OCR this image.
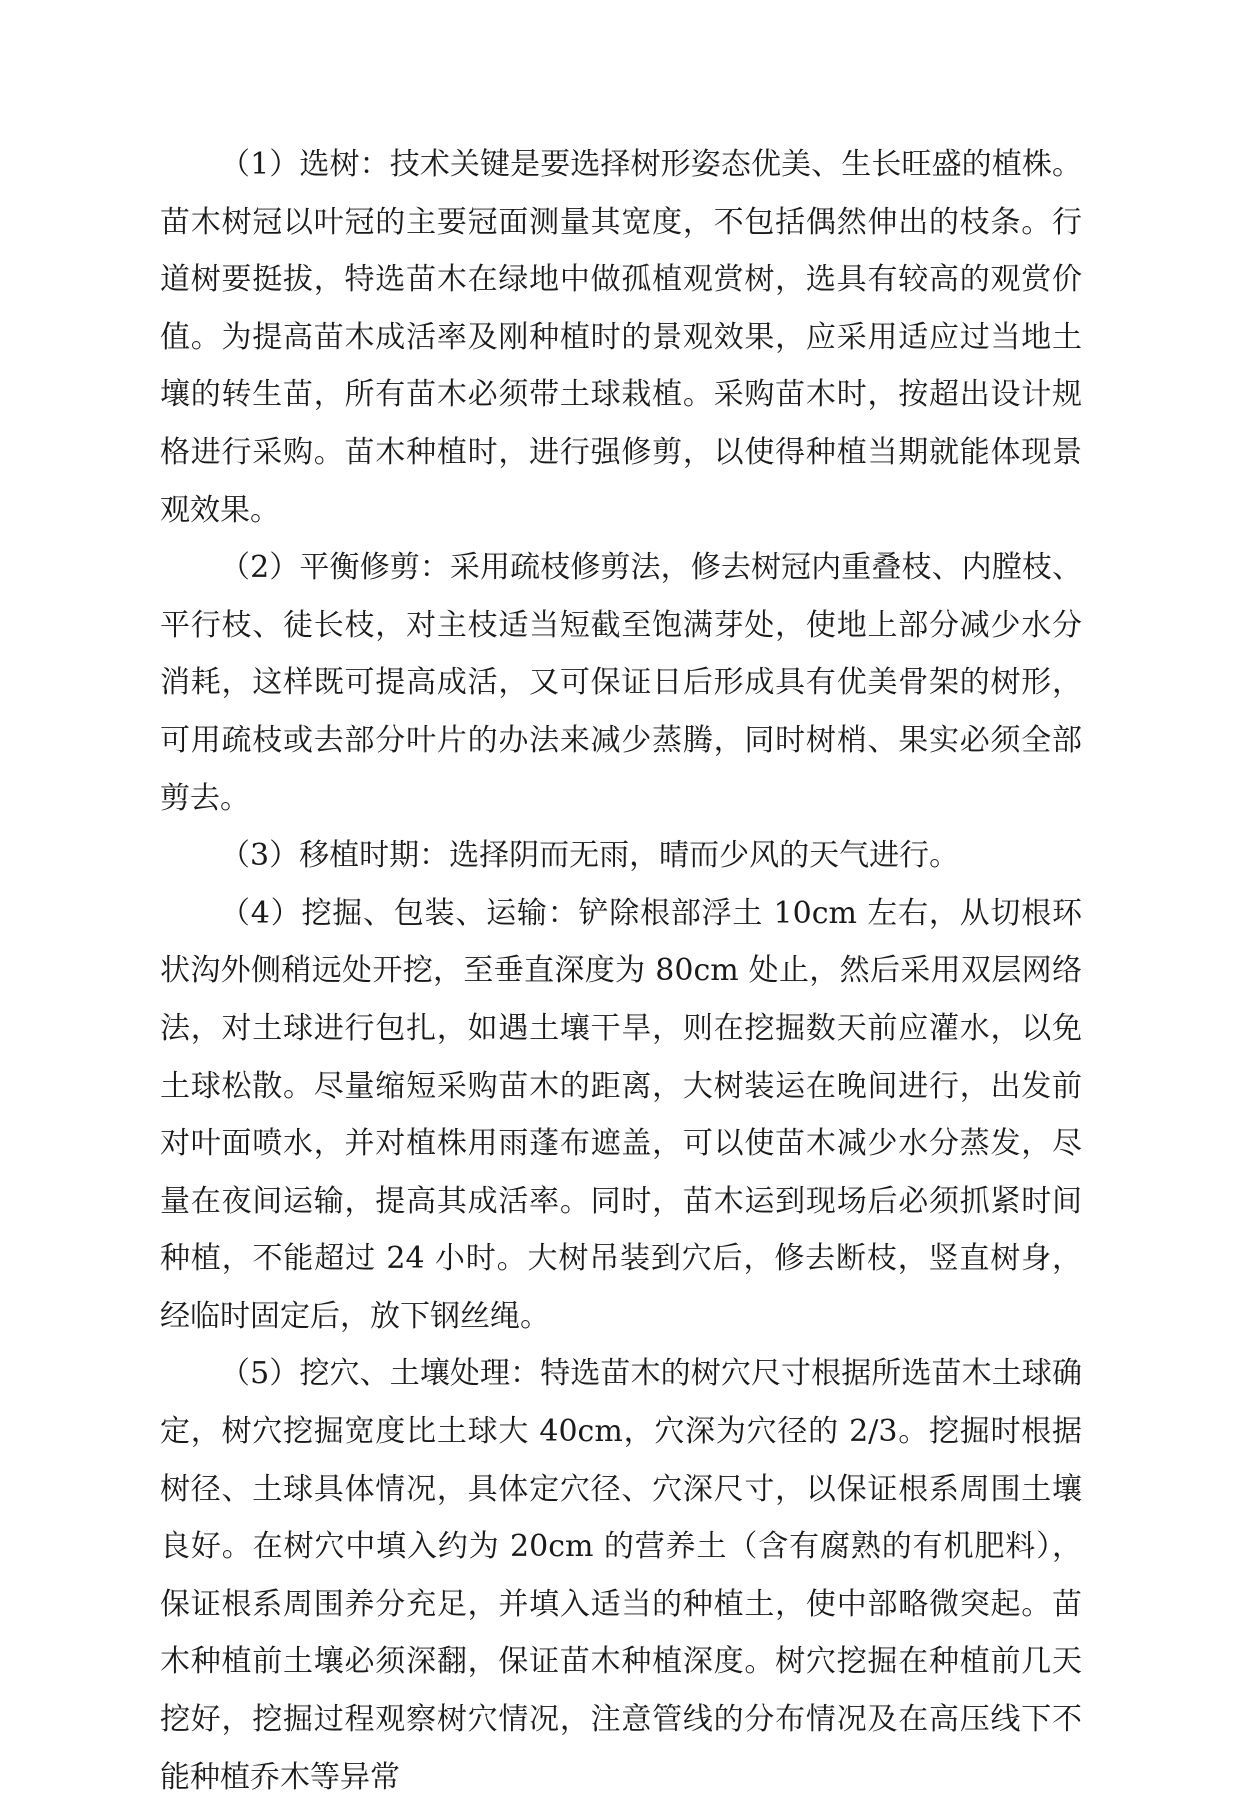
（1）选树：技术关键是要选择树形姿态优美、生长旺盛的植株。苗木树冠以叶冠的主要冠面测量其宽度，不包括偶然伸出的枝条。行道树要挺拔，特选苗木在绿地中做孤植观赏树，选具有较高的观赏价值。为提高苗木成活率及刚种植时的景观效果，应采用适应过当地土壤的转生苗，所有苗木必须带土球栽植。采购苗木时，按超出设计规格进行采购。苗木种植时，进行强修剪，以使得种植当期就能体现景观效果。

（2）平衡修剪：采用疏枝修剪法，修去树冠内重叠枝、内膛枝、平行枝、徒长枝，对主枝适当短截至饱满芽处，使地上部分减少水分消耗，这样既可提高成活，又可保证日后形成具有优美骨架的树形，可用疏枝或去部分叶片的办法来减少蒸腾，同时树梢、果实必须全部剪去。

（3）移植时期：选择阴而无雨，晴而少风的天气进行。

（4）挖掘、包装、运输：铲除根部浮土 10cm 左右，从切根环状沟外侧稍远处开挖，至垂直深度为 80cm 处止，然后采用双层网络法，对土球进行包扎，如遇土壤干旱，则在挖掘数天前应灌水，以免土球松散。尽量缩短采购苗木的距离，大树装运在晚间进行，出发前对叶面喷水，并对植株用雨蓬布遮盖，可以使苗木减少水分蒸发，尽量在夜间运输，提高其成活率。同时，苗木运到现场后必须抓紧时间种植，不能超过 24 小时。大树吊装到穴后，修去断枝，竖直树身，经临时固定后，放下钢丝绳。

（5）挖穴、土壤处理：特选苗木的树穴尺寸根据所选苗木土球确定，树穴挖掘宽度比土球大 40cm，穴深为穴径的 2/3。挖掘时根据树径、土球具体情况，具体定穴径、穴深尺寸，以保证根系周围土壤良好。在树穴中填入约为 20cm 的营养土（含有腐熟的有机肥料），保证根系周围养分充足，并填入适当的种植土，使中部略微突起。苗木种植前土壤必须深翻，保证苗木种植深度。树穴挖掘在种植前几天挖好，挖掘过程观察树穴情况，注意管线的分布情况及在高压线下不能种植乔木等异常
